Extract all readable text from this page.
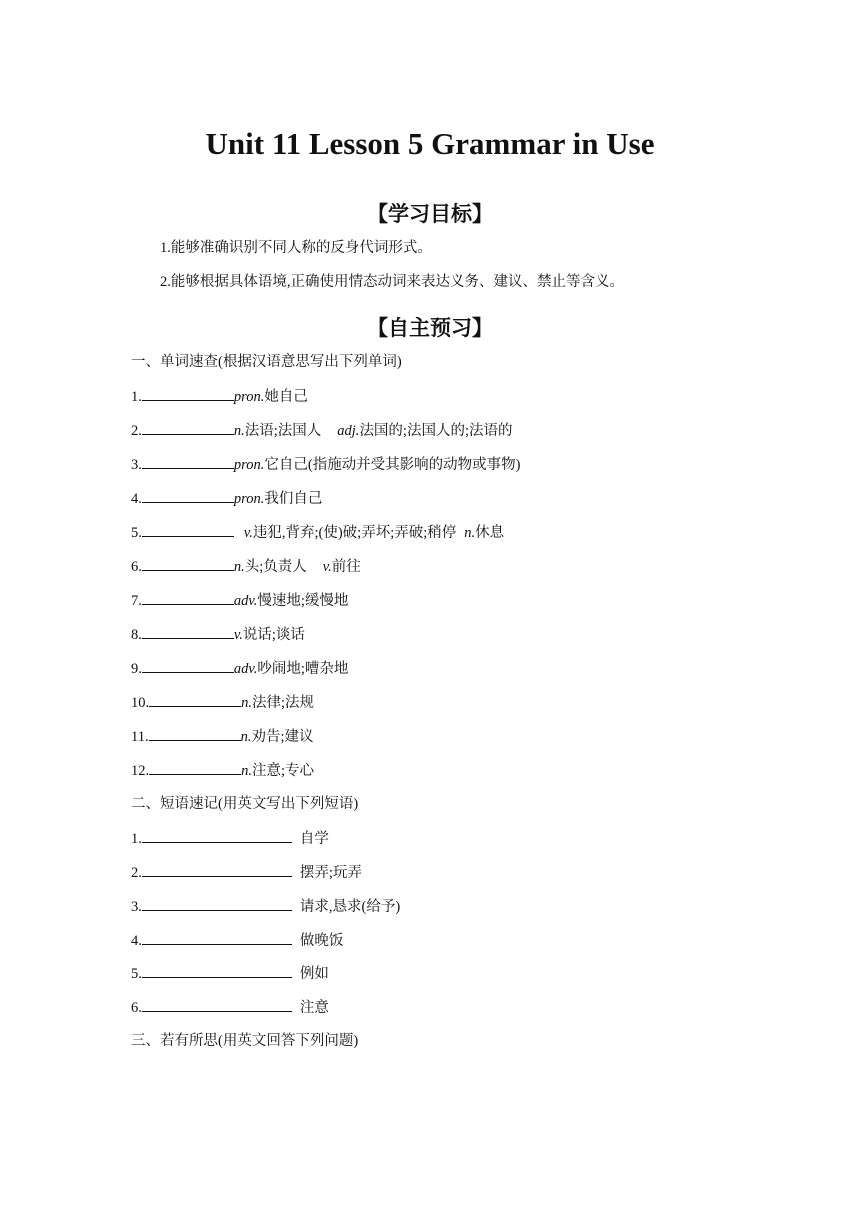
Unit 11 Lesson 5 Grammar in Use
【学习目标】
1.能够准确识别不同人称的反身代词形式。
2.能够根据具体语境,正确使用情态动词来表达义务、建议、禁止等含义。
【自主预习】
一、单词速查(根据汉语意思写出下列单词)
1.	pron.她自己
2.	n.法语;法国人 adj.法国的;法国人的;法语的
3.	pron.它自己(指施动并受其影响的动物或事物)
4.	pron.我们自己
5.	v.违犯,背弃;(使)破;弄坏;弄破;稍停 n.休息
6.	n.头;负责人 v.前往
7.	adv.慢速地;缓慢地
8.	v.说话;谈话
9.	adv.吵闹地;嘈杂地
10.	n.法律;法规
11.	n.劝告;建议
12.	n.注意;专心
二、短语速记(用英文写出下列短语)
1.	自学
2.	摆弄;玩弄
3.	请求,恳求(给予)
4.	做晚饭
5.	例如
6.	注意
三、若有所思(用英文回答下列问题)
